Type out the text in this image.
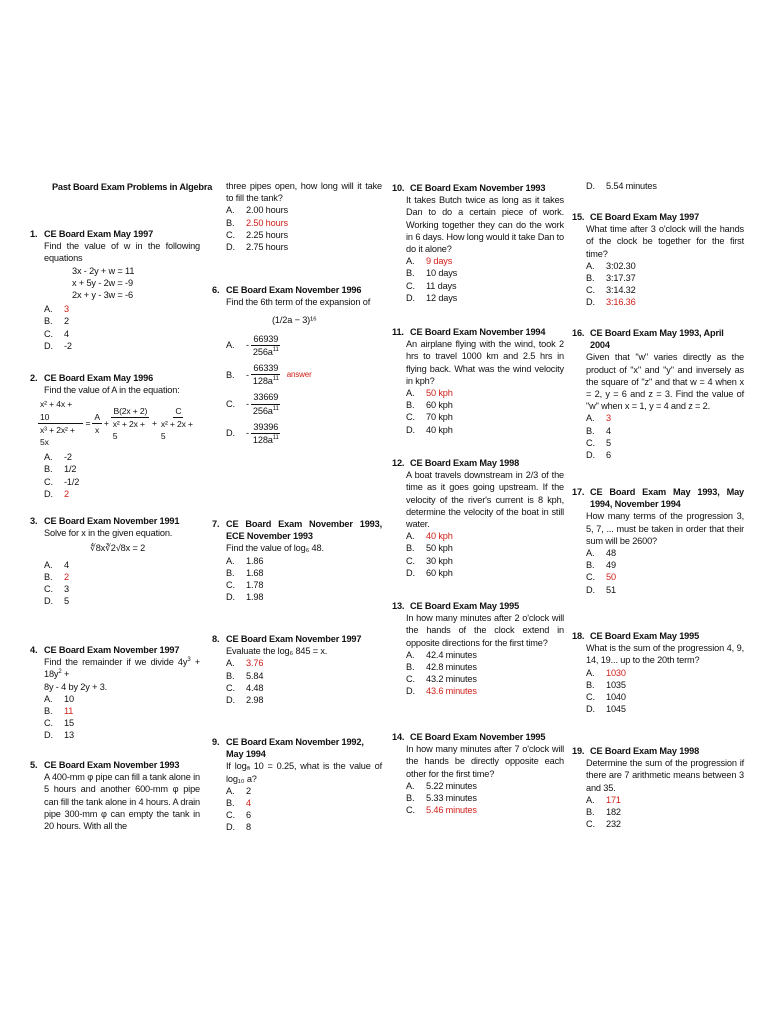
Past Board Exam Problems in Algebra
1. CE Board Exam May 1997
Find the value of w in the following equations
3x - 2y + w = 11
x + 5y - 2w = -9
2x + y - 3w = -6
A.	3
B.	2
C.	4
D.	-2
2. CE Board Exam May 1996
Find the value of A in the equation:
$\frac{\text{x² + 4x + 10}}{\text{x³ + 2x² + 5x}} = \frac{A}{x} + \frac{B(2x + 2)}{\text{x² + 2x + 5}} + \frac{C}{\text{x² + 2x + 5}}$
A.	-2
B.	1/2
C.	-1/2
D.	2
3. CE Board Exam November 1991
Solve for x in the given equation.
∜8x∛2√8x = 2
A.	4
B.	2
C.	3
D.	5
4. CE Board Exam November 1997
Find the remainder if we divide $4y^3 + 18y^2$ +
8y - 4 by 2y + 3.
A.	10
B.	11
C.	15
D.	13
5. CE Board Exam November 1993
A 400-mm φ pipe can fill a tank alone in 5 hours and another 600-mm φ pipe can fill the tank alone in 4 hours. A drain pipe 300-mm φ can empty the tank in 20 hours. With all the
three pipes open, how long will it take to fill the tank?
A.	2.00 hours
B.	2.50 hours
C.	2.25 hours
D.	2.75 hours
6. CE Board Exam November 1996
Find the 6th term of the expansion of
(1/2a − 3)¹⁶
A.	- $\frac{66939}{256a^{11}}$
B.	- $\frac{66339}{128a^{11}}$ answer
C.	- $\frac{33669}{256a^{11}}$
D.	- $\frac{39396}{128a^{11}}$
7. CE Board Exam November 1993, ECE November 1993
Find the value of log₆ 48.
A.	1.86
B.	1.68
C.	1.78
D.	1.98
8. CE Board Exam November 1997
Evaluate the log₆ 845 = x.
A.	3.76
B.	5.84
C.	4.48
D.	2.98
9. CE Board Exam November 1992, May 1994
If logₐ 10 = 0.25, what is the value of log₁₀ a?
A.	2
B.	4
C.	6
D.	8
10. CE Board Exam November 1993
It takes Butch twice as long as it takes Dan to do a certain piece of work. Working together they can do the work in 6 days. How long would it take Dan to do it alone?
A.	9 days
B.	10 days
C.	11 days
D.	12 days
11. CE Board Exam November 1994
An airplane flying with the wind, took 2 hrs to travel 1000 km and 2.5 hrs in flying back. What was the wind velocity in kph?
A.	50 kph
B.	60 kph
C.	70 kph
D.	40 kph
12. CE Board Exam May 1998
A boat travels downstream in 2/3 of the time as it goes going upstream. If the velocity of the river's current is 8 kph, determine the velocity of the boat in still water.
A.	40 kph
B.	50 kph
C.	30 kph
D.	60 kph
13. CE Board Exam May 1995
In how many minutes after 2 o'clock will the hands of the clock extend in opposite directions for the first time?
A.	42.4 minutes
B.	42.8 minutes
C.	43.2 minutes
D.	43.6 minutes
14. CE Board Exam November 1995
In how many minutes after 7 o'clock will the hands be directly opposite each other for the first time?
A.	5.22 minutes
B.	5.33 minutes
C.	5.46 minutes
D.	5.54 minutes
15. CE Board Exam May 1997
What time after 3 o'clock will the hands of the clock be together for the first time?
A.	3:02.30
B.	3:17.37
C.	3:14.32
D.	3:16.36
16. CE Board Exam May 1993, April 2004
Given that "w" varies directly as the product of "x" and "y" and inversely as the square of "z" and that w = 4 when x = 2, y = 6 and z = 3. Find the value of "w" when x = 1, y = 4 and z = 2.
A.	3
B.	4
C.	5
D.	6
17. CE Board Exam May 1993, May 1994, November 1994
How many terms of the progression 3, 5, 7, ... must be taken in order that their sum will be 2600?
A.	48
B.	49
C.	50
D.	51
18. CE Board Exam May 1995
What is the sum of the progression 4, 9, 14, 19... up to the 20th term?
A.	1030
B.	1035
C.	1040
D.	1045
19. CE Board Exam May 1998
Determine the sum of the progression if there are 7 arithmetic means between 3 and 35.
A.	171
B.	182
C.	232
